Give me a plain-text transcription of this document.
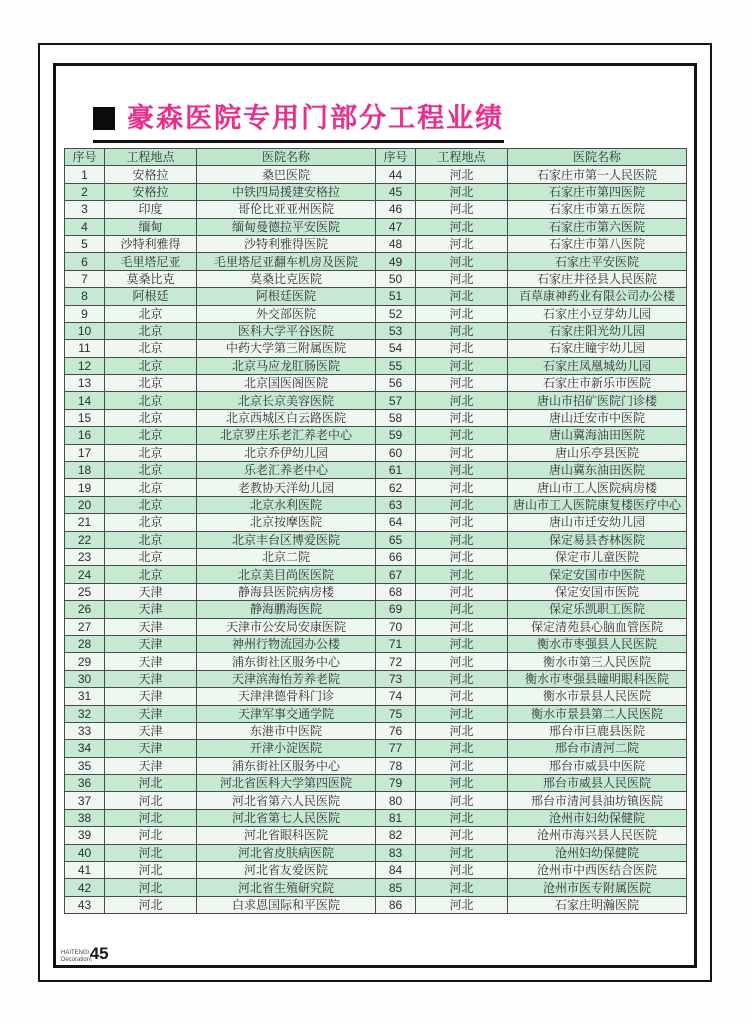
豪森医院专用门部分工程业绩
序号	工程地点	医院名称	序号	工程地点	医院名称
1	安格拉	桑巴医院	44	河北	石家庄市第一人民医院
2	安格拉	中铁四局援建安格拉	45	河北	石家庄市第四医院
3	印度	哥伦比亚亚州医院	46	河北	石家庄市第五医院
4	缅甸	缅甸曼德拉平安医院	47	河北	石家庄市第六医院
5	沙特利雅得	沙特利雅得医院	48	河北	石家庄市第八医院
6	毛里塔尼亚	毛里塔尼亚翻车机房及医院	49	河北	石家庄平安医院
7	莫桑比克	莫桑比克医院	50	河北	石家庄井径县人民医院
8	阿根廷	阿根廷医院	51	河北	百草康神药业有限公司办公楼
9	北京	外交部医院	52	河北	石家庄小豆芽幼儿园
10	北京	医科大学平谷医院	53	河北	石家庄阳光幼儿园
11	北京	中药大学第三附属医院	54	河北	石家庄瞳宇幼儿园
12	北京	北京马应龙肛肠医院	55	河北	石家庄凤凰城幼儿园
13	北京	北京国医阁医院	56	河北	石家庄市新乐市医院
14	北京	北京长京美容医院	57	河北	唐山市招矿医院门诊楼
15	北京	北京西城区白云路医院	58	河北	唐山迁安市中医院
16	北京	北京罗庄乐老汇养老中心	59	河北	唐山冀海油田医院
17	北京	北京乔伊幼儿园	60	河北	唐山乐亭县医院
18	北京	乐老汇养老中心	61	河北	唐山冀东油田医院
19	北京	老教协天洋幼儿园	62	河北	唐山市工人医院病房楼
20	北京	北京水利医院	63	河北	唐山市工人医院康复楼医疗中心
21	北京	北京按摩医院	64	河北	唐山市迁安幼儿园
22	北京	北京丰台区博爱医院	65	河北	保定易县杏林医院
23	北京	北京二院	66	河北	保定市儿童医院
24	北京	北京美目尚医医院	67	河北	保定安国市中医院
25	天津	静海县医院病房楼	68	河北	保定安国市医院
26	天津	静海鹏海医院	69	河北	保定乐凯职工医院
27	天津	天津市公安局安康医院	70	河北	保定清苑县心脑血管医院
28	天津	神州行物流园办公楼	71	河北	衡水市枣强县人民医院
29	天津	浦东街社区服务中心	72	河北	衡水市第三人民医院
30	天津	天津滨海怡芳养老院	73	河北	衡水市枣强县瞳明眼科医院
31	天津	天津津德骨科门诊	74	河北	衡水市景县人民医院
32	天津	天津军事交通学院	75	河北	衡水市景县第二人民医院
33	天津	东港市中医院	76	河北	邢台市巨鹿县医院
34	天津	开津小淀医院	77	河北	邢台市清河二院
35	天津	浦东街社区服务中心	78	河北	邢台市威县中医院
36	河北	河北省医科大学第四医院	79	河北	邢台市威县人民医院
37	河北	河北省第六人民医院	80	河北	邢台市清河县油坊镇医院
38	河北	河北省第七人民医院	81	河北	沧州市妇幼保健院
39	河北	河北省眼科医院	82	河北	沧州市海兴县人民医院
40	河北	河北省皮肤病医院	83	河北	沧州妇幼保健院
41	河北	河北省友爱医院	84	河北	沧州市中西医结合医院
42	河北	河北省生殖研究院	85	河北	沧州市医专附属医院
43	河北	白求恩国际和平医院	86	河北	石家庄明瀚医院
HAITENG\
Decoration\
45
